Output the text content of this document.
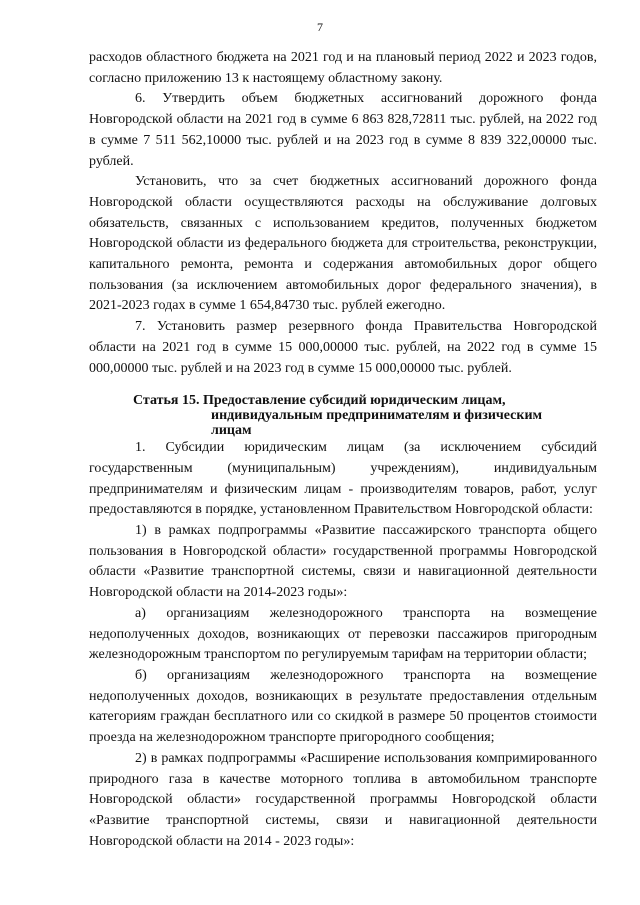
7

расходов областного бюджета на 2021 год и на плановый период 2022 и 2023 годов, согласно приложению 13 к настоящему областному закону.

6. Утвердить объем бюджетных ассигнований дорожного фонда Новгородской области на 2021 год в сумме 6 863 828,72811 тыс. рублей, на 2022 год в сумме 7 511 562,10000 тыс. рублей и на 2023 год в сумме 8 839 322,00000 тыс. рублей.

Установить, что за счет бюджетных ассигнований дорожного фонда Новгородской области осуществляются расходы на обслуживание долговых обязательств, связанных с использованием кредитов, полученных бюджетом Новгородской области из федерального бюджета для строительства, реконструкции, капитального ремонта, ремонта и содержания автомобильных дорог общего пользования (за исключением автомобильных дорог федерального значения), в 2021-2023 годах в сумме 1 654,84730 тыс. рублей ежегодно.

7. Установить размер резервного фонда Правительства Новгородской области на 2021 год в сумме 15 000,00000 тыс. рублей, на 2022 год в сумме 15 000,00000 тыс. рублей и на 2023 год в сумме 15 000,00000 тыс. рублей.

Статья 15. Предоставление субсидий юридическим лицам,
индивидуальным предпринимателям и физическим лицам

1. Субсидии юридическим лицам (за исключением субсидий государственным (муниципальным) учреждениям), индивидуальным предпринимателям и физическим лицам - производителям товаров, работ, услуг предоставляются в порядке, установленном Правительством Новгородской области:

1) в рамках подпрограммы «Развитие пассажирского транспорта общего пользования в Новгородской области» государственной программы Новгородской области «Развитие транспортной системы, связи и навигационной деятельности Новгородской области на 2014-2023 годы»:

а) организациям железнодорожного транспорта на возмещение недополученных доходов, возникающих от перевозки пассажиров пригородным железнодорожным транспортом по регулируемым тарифам на территории области;

б) организациям железнодорожного транспорта на возмещение недополученных доходов, возникающих в результате предоставления отдельным категориям граждан бесплатного или со скидкой в размере 50 процентов стоимости проезда на железнодорожном транспорте пригородного сообщения;

2) в рамках подпрограммы «Расширение использования компримированного природного газа в качестве моторного топлива в автомобильном транспорте Новгородской области» государственной программы Новгородской области «Развитие транспортной системы, связи и навигационной деятельности Новгородской области на 2014 - 2023 годы»:
